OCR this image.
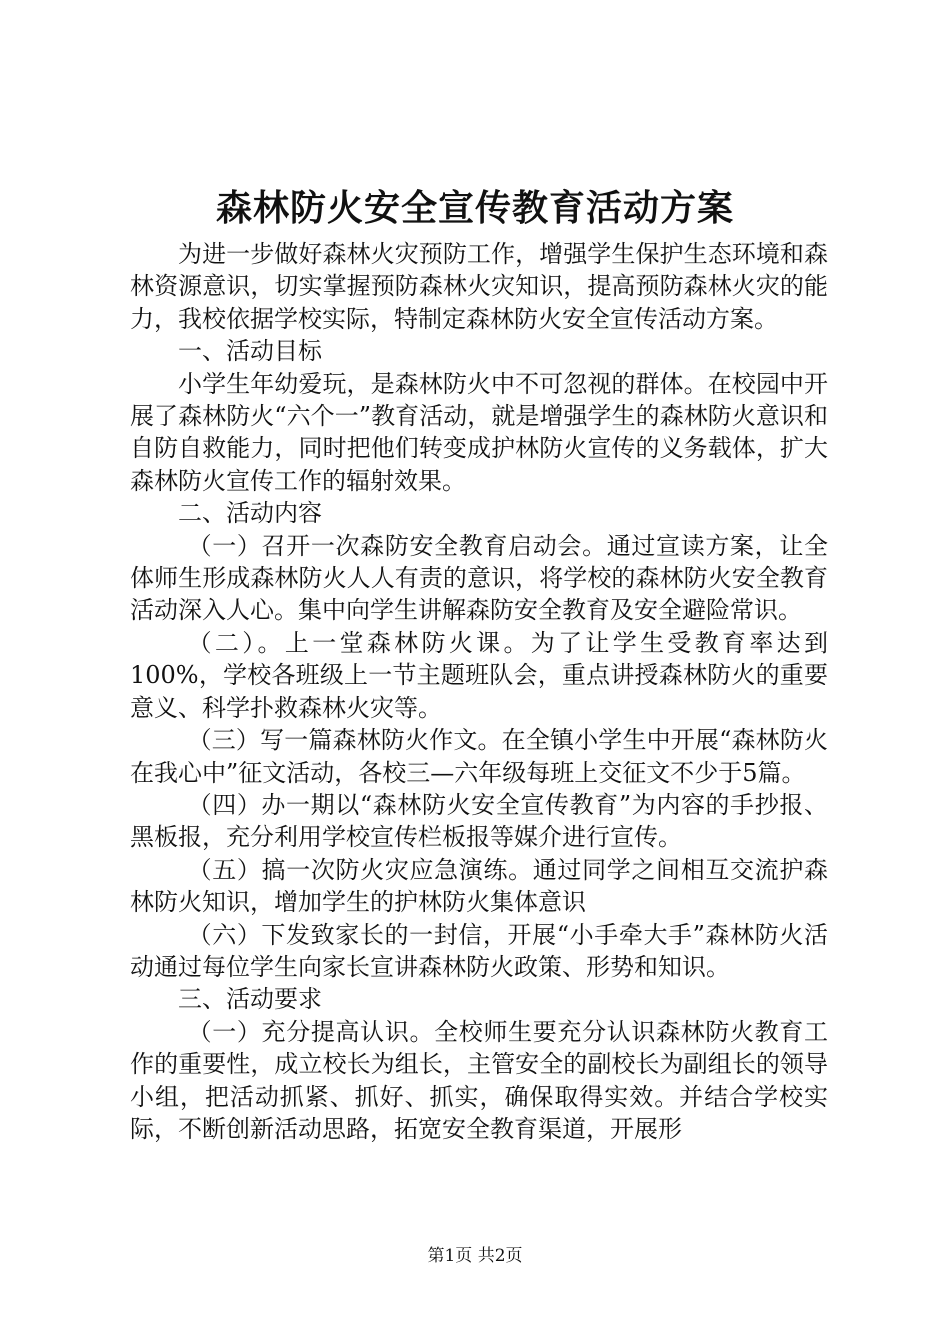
森林防火安全宣传教育活动方案

为进一步做好森林火灾预防工作，增强学生保护生态环境和森林资源意识，切实掌握预防森林火灾知识，提高预防森林火灾的能力，我校依据学校实际，特制定森林防火安全宣传活动方案。

一、活动目标

小学生年幼爱玩，是森林防火中不可忽视的群体。在校园中开展了森林防火“六个一”教育活动，就是增强学生的森林防火意识和自防自救能力，同时把他们转变成护林防火宣传的义务载体，扩大森林防火宣传工作的辐射效果。

二、活动内容

（一）召开一次森防安全教育启动会。通过宣读方案，让全体师生形成森林防火人人有责的意识，将学校的森林防火安全教育活动深入人心。集中向学生讲解森防安全教育及安全避险常识。

（二）。上一堂森林防火课。为了让学生受教育率达到100%，学校各班级上一节主题班队会，重点讲授森林防火的重要意义、科学扑救森林火灾等。

（三）写一篇森林防火作文。在全镇小学生中开展“森林防火在我心中”征文活动，各校三—六年级每班上交征文不少于5篇。

（四）办一期以“森林防火安全宣传教育”为内容的手抄报、黑板报，充分利用学校宣传栏板报等媒介进行宣传。

（五）搞一次防火灾应急演练。通过同学之间相互交流护森林防火知识，增加学生的护林防火集体意识

（六）下发致家长的一封信，开展“小手牵大手”森林防火活动通过每位学生向家长宣讲森林防火政策、形势和知识。

三、活动要求

（一）充分提高认识。全校师生要充分认识森林防火教育工作的重要性，成立校长为组长，主管安全的副校长为副组长的领导小组，把活动抓紧、抓好、抓实，确保取得实效。并结合学校实际，不断创新活动思路，拓宽安全教育渠道，开展形

第1页 共2页
